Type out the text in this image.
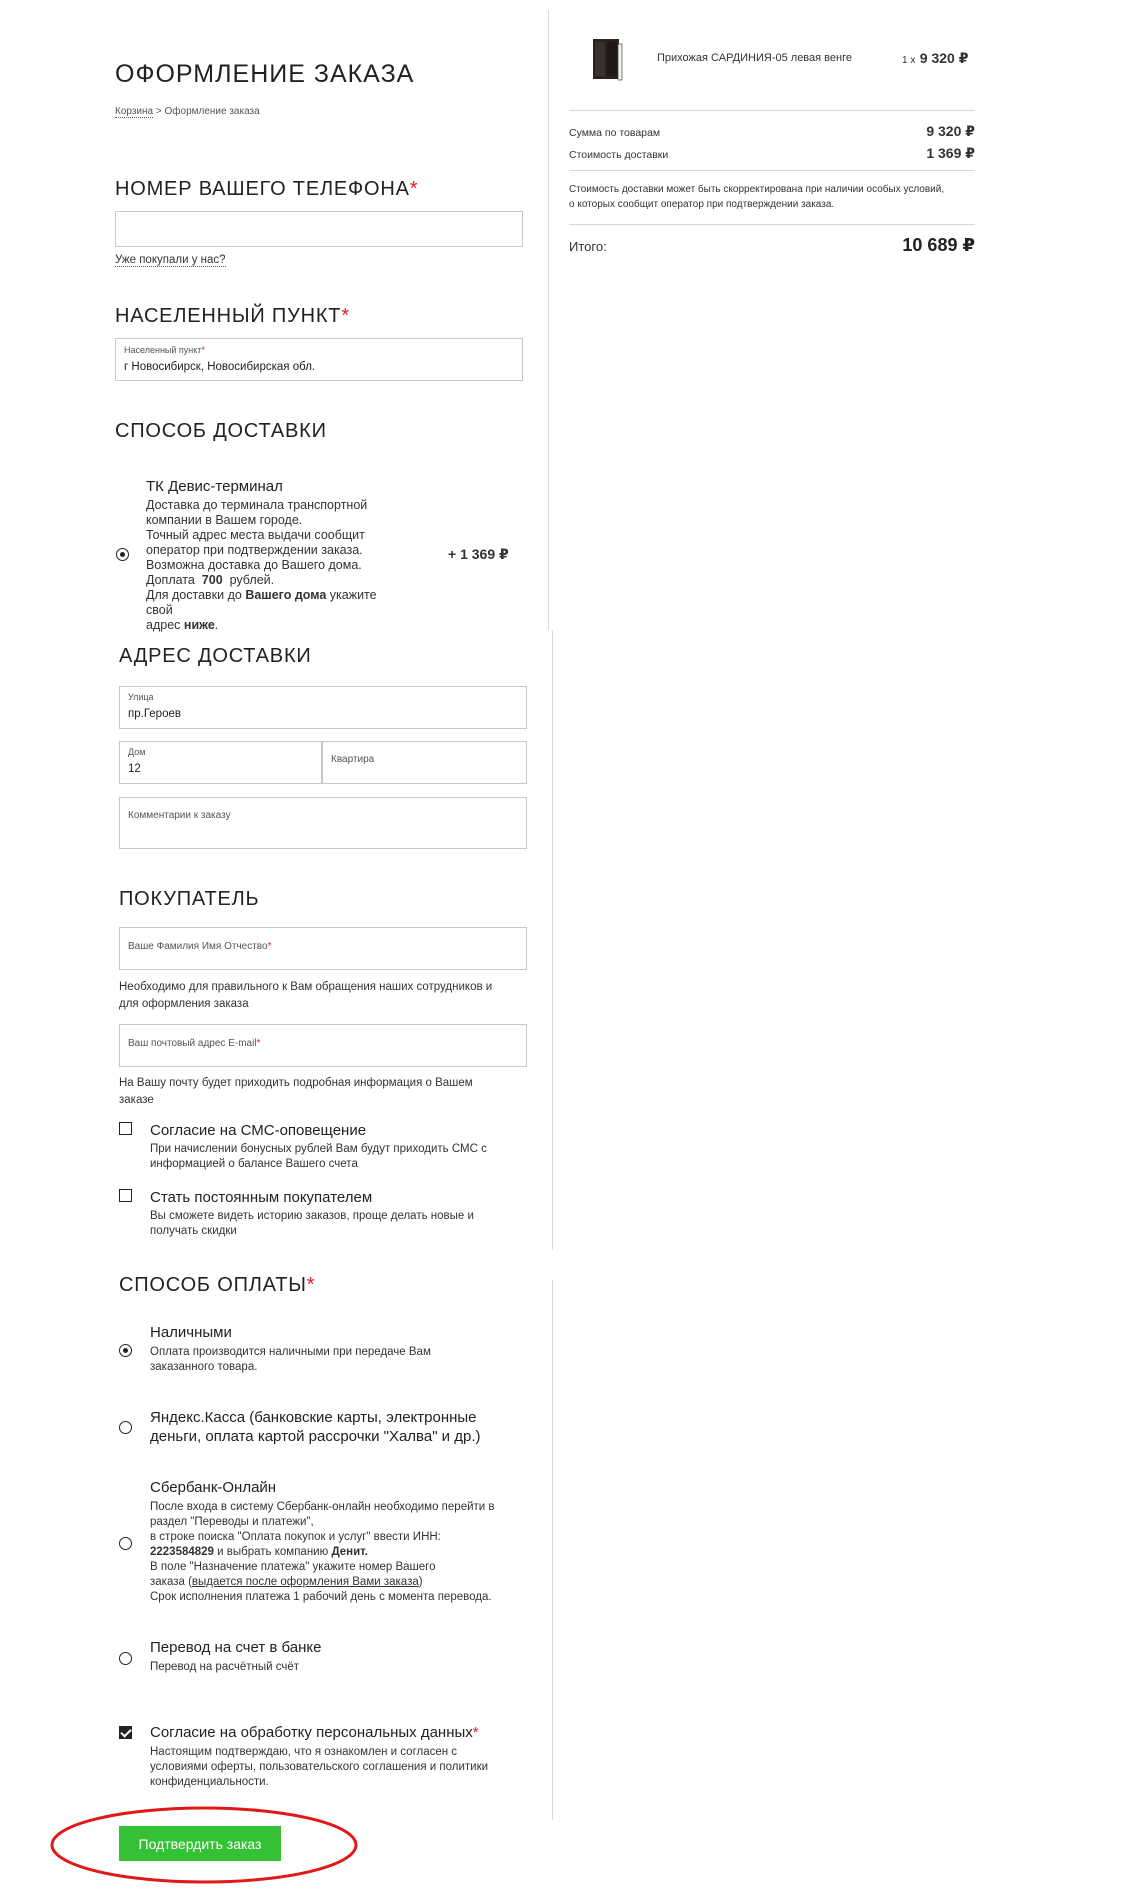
ОФОРМЛЕНИЕ ЗАКАЗА
Корзина > Оформление заказа
НОМЕР ВАШЕГО ТЕЛЕФОНА*
Уже покупали у нас?
НАСЕЛЕННЫЙ ПУНКТ*
Населенный пункт*
г Новосибирск, Новосибирская обл.
СПОСОБ ДОСТАВКИ
ТК Девис-терминал
Доставка до терминала транспортной
компании в Вашем городе.
Точный адрес места выдачи сообщит
оператор при подтверждении заказа.
Возможна доставка до Вашего дома.
Доплата 700 рублей.
Для доставки до Вашего дома укажите свой
адрес ниже.
+ 1 369 ₽
АДРЕС ДОСТАВКИ
Улица
пр.Героев
Дом
12
Квартира
Комментарии к заказу
ПОКУПАТЕЛЬ
Ваше Фамилия Имя Отчество*
Необходимо для правильного к Вам обращения наших сотрудников и
для оформления заказа
Ваш почтовый адрес E-mail*
На Вашу почту будет приходить подробная информация о Вашем
заказе
Согласие на СМС-оповещение
При начислении бонусных рублей Вам будут приходить СМС с
информацией о балансе Вашего счета
Стать постоянным покупателем
Вы сможете видеть историю заказов, проще делать новые и
получать скидки
СПОСОБ ОПЛАТЫ*
Наличными
Оплата производится наличными при передаче Вам
заказанного товара.
Яндекс.Касса (банковские карты, электронные
деньги, оплата картой рассрочки "Халва" и др.)
Сбербанк-Онлайн
После входа в систему Сбербанк-онлайн необходимо перейти в
раздел "Переводы и платежи",
в строке поиска "Оплата покупок и услуг" ввести ИНН:
2223584829 и выбрать компанию Денит.
В поле "Назначение платежа" укажите номер Вашего
заказа (выдается после оформления Вами заказа)
Срок исполнения платежа 1 рабочий день с момента перевода.
Перевод на счет в банке
Перевод на расчётный счёт
Согласие на обработку персональных данных*
Настоящим подтверждаю, что я ознакомлен и согласен с
условиями оферты, пользовательского соглашения и политики
конфиденциальности.
Подтвердить заказ
Прихожая САРДИНИЯ-05 левая венге	1 x 9 320 ₽
Сумма по товарам	9 320 ₽
Стоимость доставки	1 369 ₽
Стоимость доставки может быть скорректирована при наличии особых условий,
о которых сообщит оператор при подтверждении заказа.
Итого:	10 689 ₽
